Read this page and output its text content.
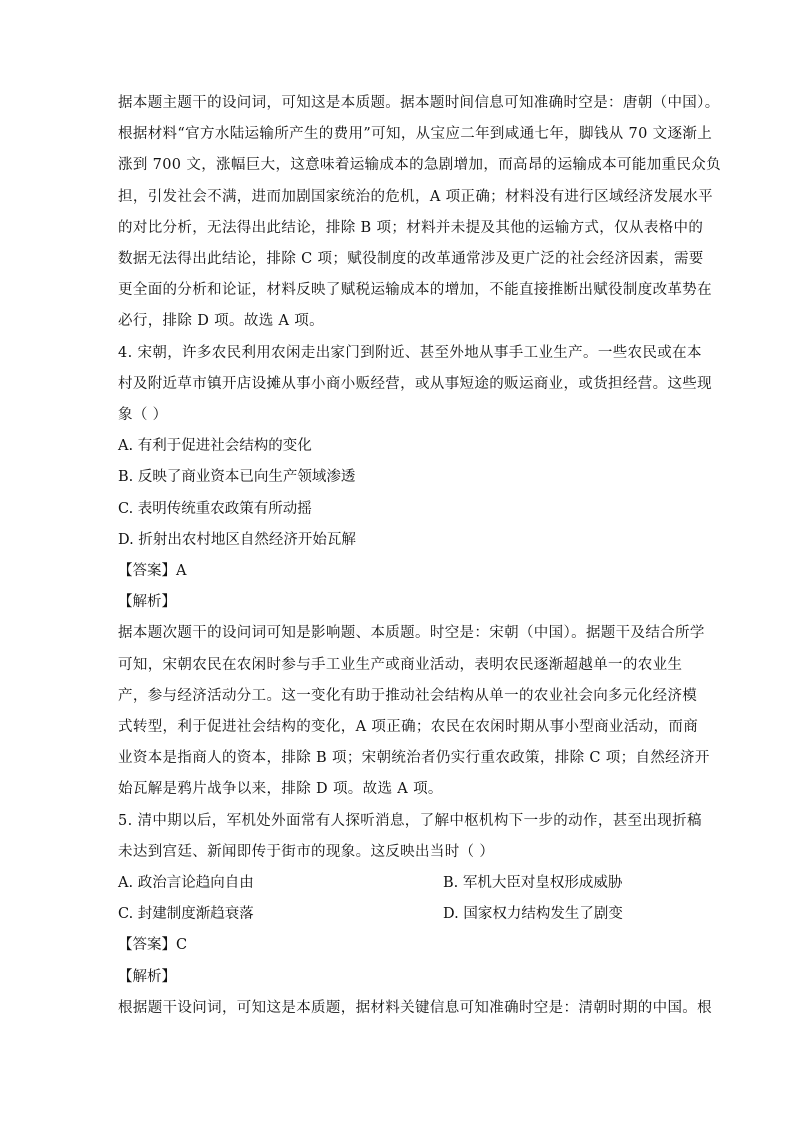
据本题主题干的设问词，可知这是本质题。据本题时间信息可知准确时空是：唐朝（中国）。
根据材料“官方水陆运输所产生的费用”可知，从宝应二年到咸通七年，脚钱从 70 文逐渐上
涨到 700 文，涨幅巨大，这意味着运输成本的急剧增加，而高昂的运输成本可能加重民众负
担，引发社会不满，进而加剧国家统治的危机，A 项正确；材料没有进行区域经济发展水平
的对比分析，无法得出此结论，排除 B 项；材料并未提及其他的运输方式，仅从表格中的
数据无法得出此结论，排除 C 项；赋役制度的改革通常涉及更广泛的社会经济因素，需要
更全面的分析和论证，材料反映了赋税运输成本的增加，不能直接推断出赋役制度改革势在
必行，排除 D 项。故选 A 项。
4. 宋朝，许多农民利用农闲走出家门到附近、甚至外地从事手工业生产。一些农民或在本
村及附近草市镇开店设摊从事小商小贩经营，或从事短途的贩运商业，或货担经营。这些现
象（ ）
A. 有利于促进社会结构的变化
B. 反映了商业资本已向生产领域渗透
C. 表明传统重农政策有所动摇
D. 折射出农村地区自然经济开始瓦解
【答案】A
【解析】
据本题次题干的设问词可知是影响题、本质题。时空是：宋朝（中国）。据题干及结合所学
可知，宋朝农民在农闲时参与手工业生产或商业活动，表明农民逐渐超越单一的农业生
产，参与经济活动分工。这一变化有助于推动社会结构从单一的农业社会向多元化经济模
式转型，利于促进社会结构的变化，A 项正确；农民在农闲时期从事小型商业活动，而商
业资本是指商人的资本，排除 B 项；宋朝统治者仍实行重农政策，排除 C 项；自然经济开
始瓦解是鸦片战争以来，排除 D 项。故选 A 项。
5. 清中期以后，军机处外面常有人探听消息，了解中枢机构下一步的动作，甚至出现折稿
未达到宫廷、新闻即传于街市的现象。这反映出当时（ ）
A. 政治言论趋向自由	B. 军机大臣对皇权形成威胁
C. 封建制度渐趋衰落	D. 国家权力结构发生了剧变
【答案】C
【解析】
根据题干设问词，可知这是本质题，据材料关键信息可知准确时空是：清朝时期的中国。根
